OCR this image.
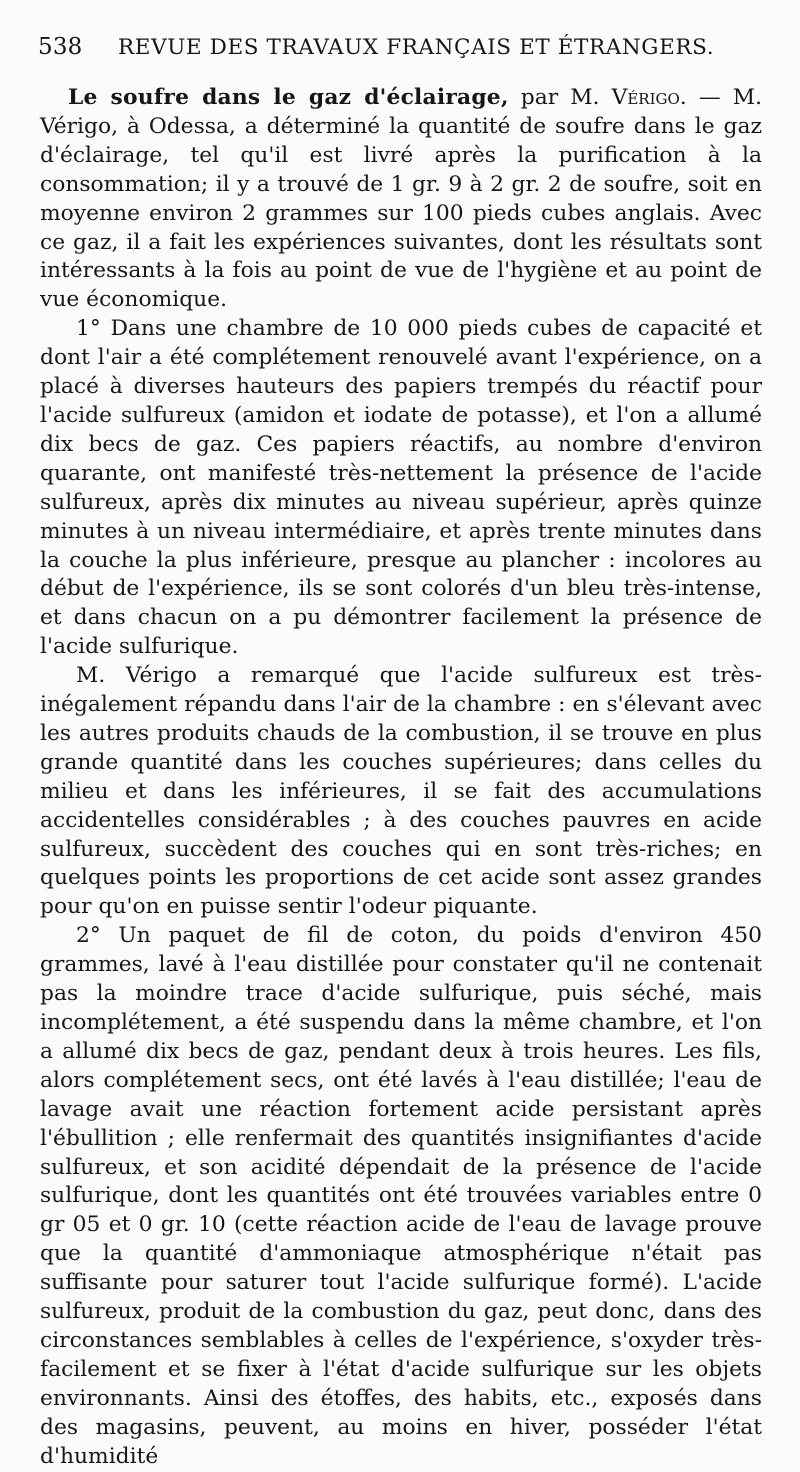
538	REVUE DES TRAVAUX FRANÇAIS ET ÉTRANGERS.

Le soufre dans le gaz d'éclairage, par M. Vérigo. — M. Vérigo, à Odessa, a déterminé la quantité de soufre dans le gaz d'éclairage, tel qu'il est livré après la purification à la consommation; il y a trouvé de 1 gr. 9 à 2 gr. 2 de soufre, soit en moyenne environ 2 grammes sur 100 pieds cubes anglais. Avec ce gaz, il a fait les expériences suivantes, dont les résultats sont intéressants à la fois au point de vue de l'hygiène et au point de vue économique.

1° Dans une chambre de 10 000 pieds cubes de capacité et dont l'air a été complétement renouvelé avant l'expérience, on a placé à diverses hauteurs des papiers trempés du réactif pour l'acide sulfureux (amidon et iodate de potasse), et l'on a allumé dix becs de gaz. Ces papiers réactifs, au nombre d'environ quarante, ont manifesté très-nettement la présence de l'acide sulfureux, après dix minutes au niveau supérieur, après quinze minutes à un niveau intermédiaire, et après trente minutes dans la couche la plus inférieure, presque au plancher : incolores au début de l'expérience, ils se sont colorés d'un bleu très-intense, et dans chacun on a pu démontrer facilement la présence de l'acide sulfurique.

M. Vérigo a remarqué que l'acide sulfureux est très-inégalement répandu dans l'air de la chambre : en s'élevant avec les autres produits chauds de la combustion, il se trouve en plus grande quantité dans les couches supérieures; dans celles du milieu et dans les inférieures, il se fait des accumulations accidentelles considérables ; à des couches pauvres en acide sulfureux, succèdent des couches qui en sont très-riches; en quelques points les proportions de cet acide sont assez grandes pour qu'on en puisse sentir l'odeur piquante.

2° Un paquet de fil de coton, du poids d'environ 450 grammes, lavé à l'eau distillée pour constater qu'il ne contenait pas la moindre trace d'acide sulfurique, puis séché, mais incomplétement, a été suspendu dans la même chambre, et l'on a allumé dix becs de gaz, pendant deux à trois heures. Les fils, alors complétement secs, ont été lavés à l'eau distillée; l'eau de lavage avait une réaction fortement acide persistant après l'ébullition ; elle renfermait des quantités insignifiantes d'acide sulfureux, et son acidité dépendait de la présence de l'acide sulfurique, dont les quantités ont été trouvées variables entre 0 gr 05 et 0 gr. 10 (cette réaction acide de l'eau de lavage prouve que la quantité d'ammoniaque atmosphérique n'était pas suffisante pour saturer tout l'acide sulfurique formé). L'acide sulfureux, produit de la combustion du gaz, peut donc, dans des circonstances semblables à celles de l'expérience, s'oxyder très-facilement et se fixer à l'état d'acide sulfurique sur les objets environnants. Ainsi des étoffes, des habits, etc., exposés dans des magasins, peuvent, au moins en hiver, posséder l'état d'humidité
